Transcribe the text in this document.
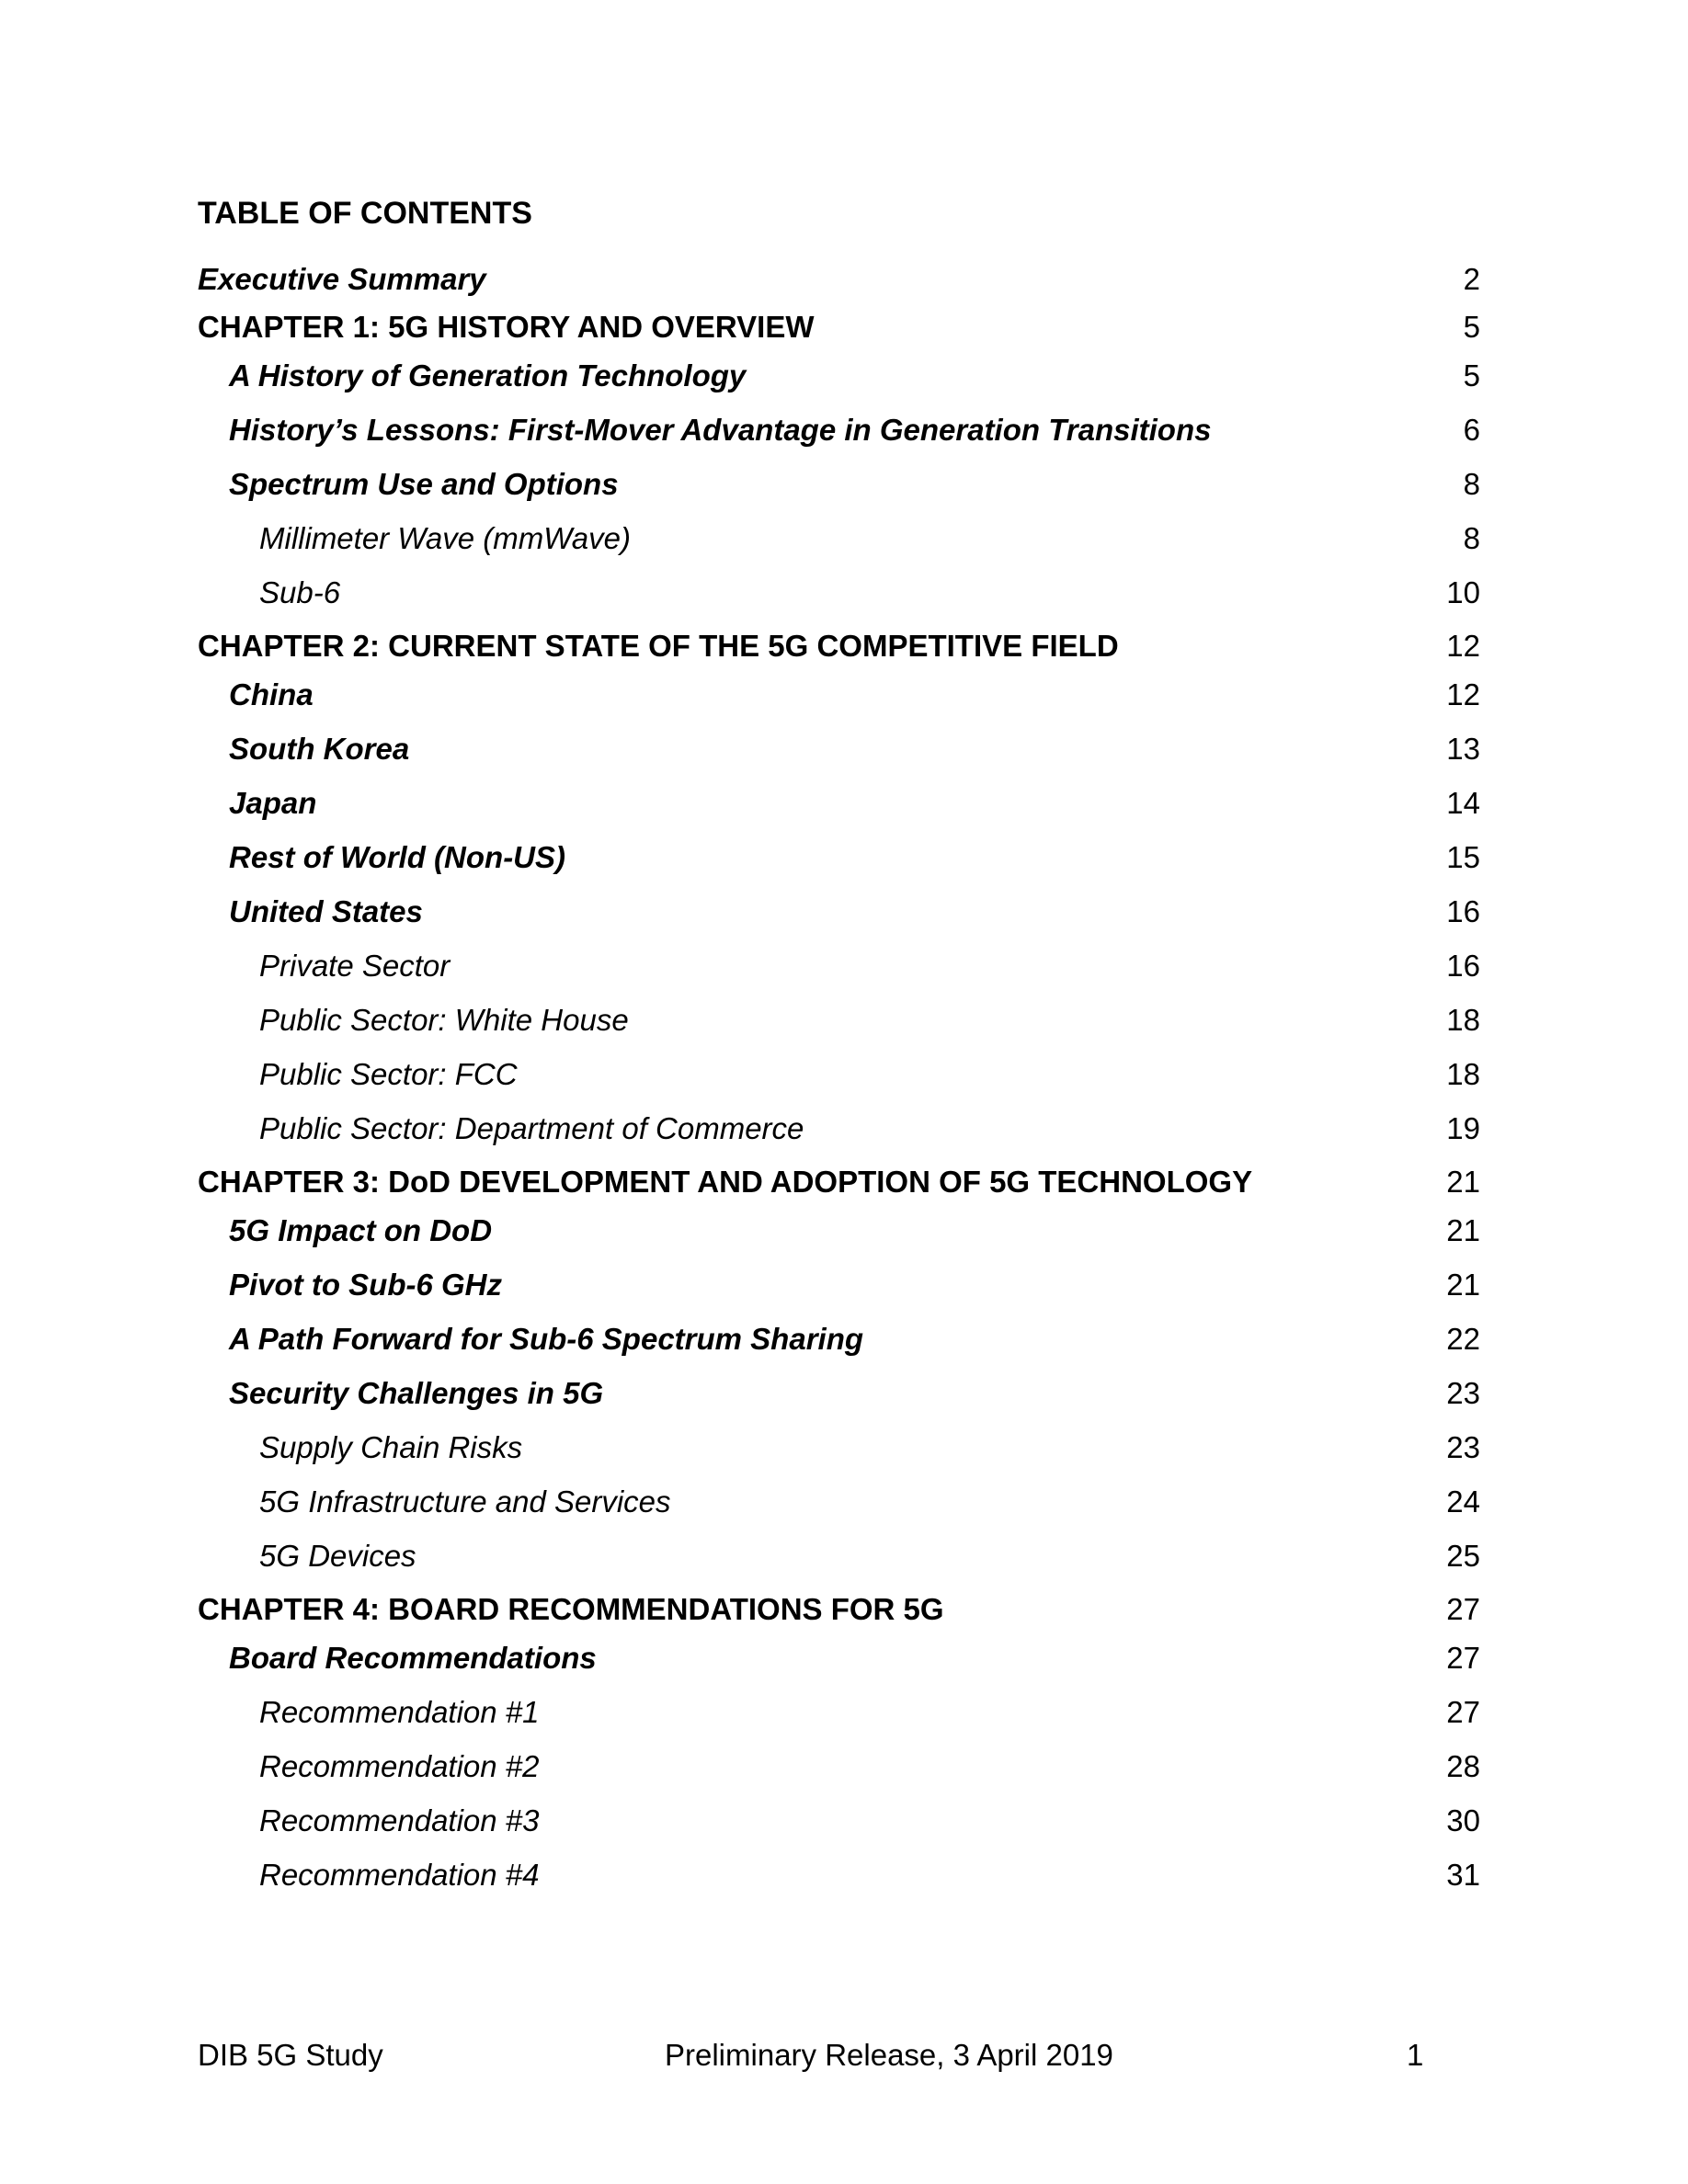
TABLE OF CONTENTS
Executive Summary	2
CHAPTER 1: 5G HISTORY AND OVERVIEW	5
A History of Generation Technology	5
History’s Lessons: First-Mover Advantage in Generation Transitions	6
Spectrum Use and Options	8
Millimeter Wave (mmWave)	8
Sub-6	10
CHAPTER 2: CURRENT STATE OF THE 5G COMPETITIVE FIELD	12
China	12
South Korea	13
Japan	14
Rest of World (Non-US)	15
United States	16
Private Sector	16
Public Sector: White House	18
Public Sector: FCC	18
Public Sector: Department of Commerce	19
CHAPTER 3: DoD DEVELOPMENT AND ADOPTION OF 5G TECHNOLOGY	21
5G Impact on DoD	21
Pivot to Sub-6 GHz	21
A Path Forward for Sub-6 Spectrum Sharing	22
Security Challenges in 5G	23
Supply Chain Risks	23
5G Infrastructure and Services	24
5G Devices	25
CHAPTER 4: BOARD RECOMMENDATIONS FOR 5G	27
Board Recommendations	27
Recommendation #1	27
Recommendation #2	28
Recommendation #3	30
Recommendation #4	31
DIB 5G Study	Preliminary Release, 3 April 2019	1
